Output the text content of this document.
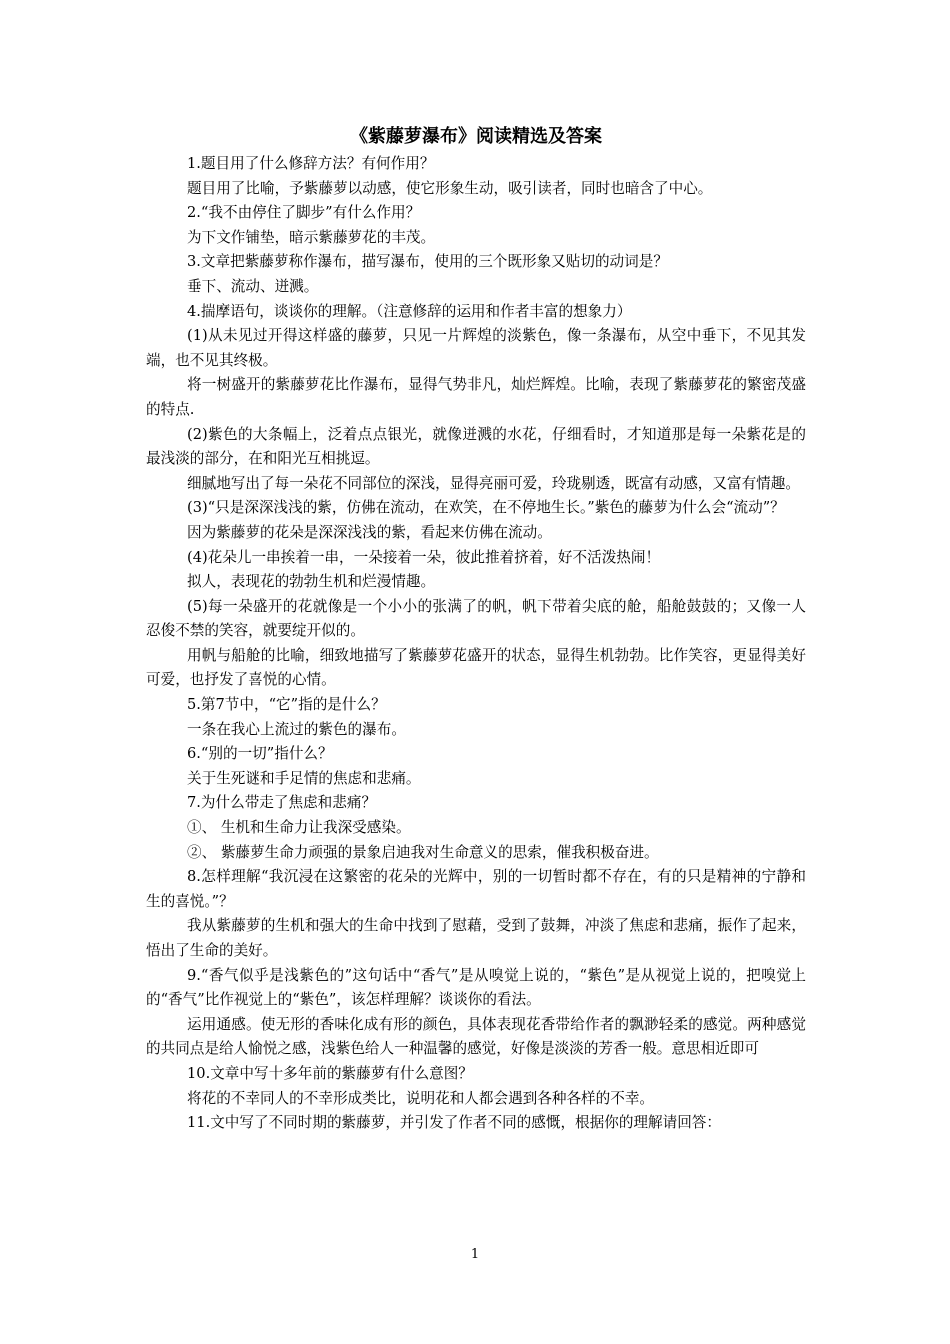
《紫藤萝瀑布》阅读精选及答案
1.题目用了什么修辞方法？有何作用？
题目用了比喻，予紫藤萝以动感，使它形象生动，吸引读者，同时也暗含了中心。
2.“我不由停住了脚步”有什么作用？
为下文作铺垫，暗示紫藤萝花的丰茂。
3.文章把紫藤萝称作瀑布，描写瀑布，使用的三个既形象又贴切的动词是？
垂下、流动、迸溅。
4.揣摩语句，谈谈你的理解。（注意修辞的运用和作者丰富的想象力）
(1)从未见过开得这样盛的藤萝，只见一片辉煌的淡紫色，像一条瀑布，从空中垂下，不见其发端，也不见其终极。
将一树盛开的紫藤萝花比作瀑布，显得气势非凡，灿烂辉煌。比喻，表现了紫藤萝花的繁密茂盛的特点.
(2)紫色的大条幅上，泛着点点银光，就像迸溅的水花，仔细看时，才知道那是每一朵紫花是的最浅淡的部分，在和阳光互相挑逗。
细腻地写出了每一朵花不同部位的深浅，显得亮丽可爱，玲珑剔透，既富有动感，又富有情趣。
(3)“只是深深浅浅的紫，仿佛在流动，在欢笑，在不停地生长。”紫色的藤萝为什么会“流动”？
因为紫藤萝的花朵是深深浅浅的紫，看起来仿佛在流动。
(4)花朵儿一串挨着一串，一朵接着一朵，彼此推着挤着，好不活泼热闹！
拟人，表现花的勃勃生机和烂漫情趣。
(5)每一朵盛开的花就像是一个小小的张满了的帆，帆下带着尖底的舱，船舱鼓鼓的；又像一人忍俊不禁的笑容，就要绽开似的。
用帆与船舱的比喻，细致地描写了紫藤萝花盛开的状态，显得生机勃勃。比作笑容，更显得美好可爱，也抒发了喜悦的心情。
5.第7节中，“它”指的是什么？
一条在我心上流过的紫色的瀑布。
6.“别的一切”指什么？
关于生死谜和手足情的焦虑和悲痛。
7.为什么带走了焦虑和悲痛？
①、 生机和生命力让我深受感染。
②、 紫藤萝生命力顽强的景象启迪我对生命意义的思索，催我积极奋进。
8.怎样理解“我沉浸在这繁密的花朵的光辉中，别的一切暂时都不存在，有的只是精神的宁静和生的喜悦。”？
我从紫藤萝的生机和强大的生命中找到了慰藉，受到了鼓舞，冲淡了焦虑和悲痛，振作了起来，悟出了生命的美好。
9.“香气似乎是浅紫色的”这句话中“香气”是从嗅觉上说的，“紫色”是从视觉上说的，把嗅觉上的“香气”比作视觉上的“紫色”，该怎样理解？谈谈你的看法。
运用通感。使无形的香味化成有形的颜色，具体表现花香带给作者的飘渺轻柔的感觉。两种感觉的共同点是给人愉悦之感，浅紫色给人一种温馨的感觉，好像是淡淡的芳香一般。意思相近即可
10.文章中写十多年前的紫藤萝有什么意图？
将花的不幸同人的不幸形成类比，说明花和人都会遇到各种各样的不幸。
11.文中写了不同时期的紫藤萝，并引发了作者不同的感慨，根据你的理解请回答：
1
